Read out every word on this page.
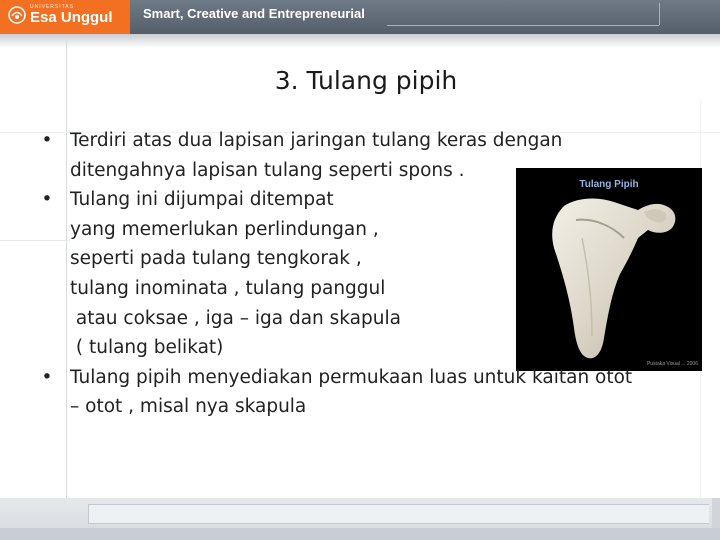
UNIVERSITAS
Esa Unggul Smart, Creative and Entrepreneurial
3. Tulang pipih
Tulang Pipih
Pustaka Visual ... 2006
• Terdiri atas dua lapisan jaringan tulang keras dengan
ditengahnya lapisan tulang seperti spons .
• Tulang ini dijumpai ditempat
yang memerlukan perlindungan ,
seperti pada tulang tengkorak ,
tulang inominata , tulang panggul
atau coksae , iga – iga dan skapula
( tulang belikat)
• Tulang pipih menyediakan permukaan luas untuk kaitan otot
– otot , misal nya skapula
